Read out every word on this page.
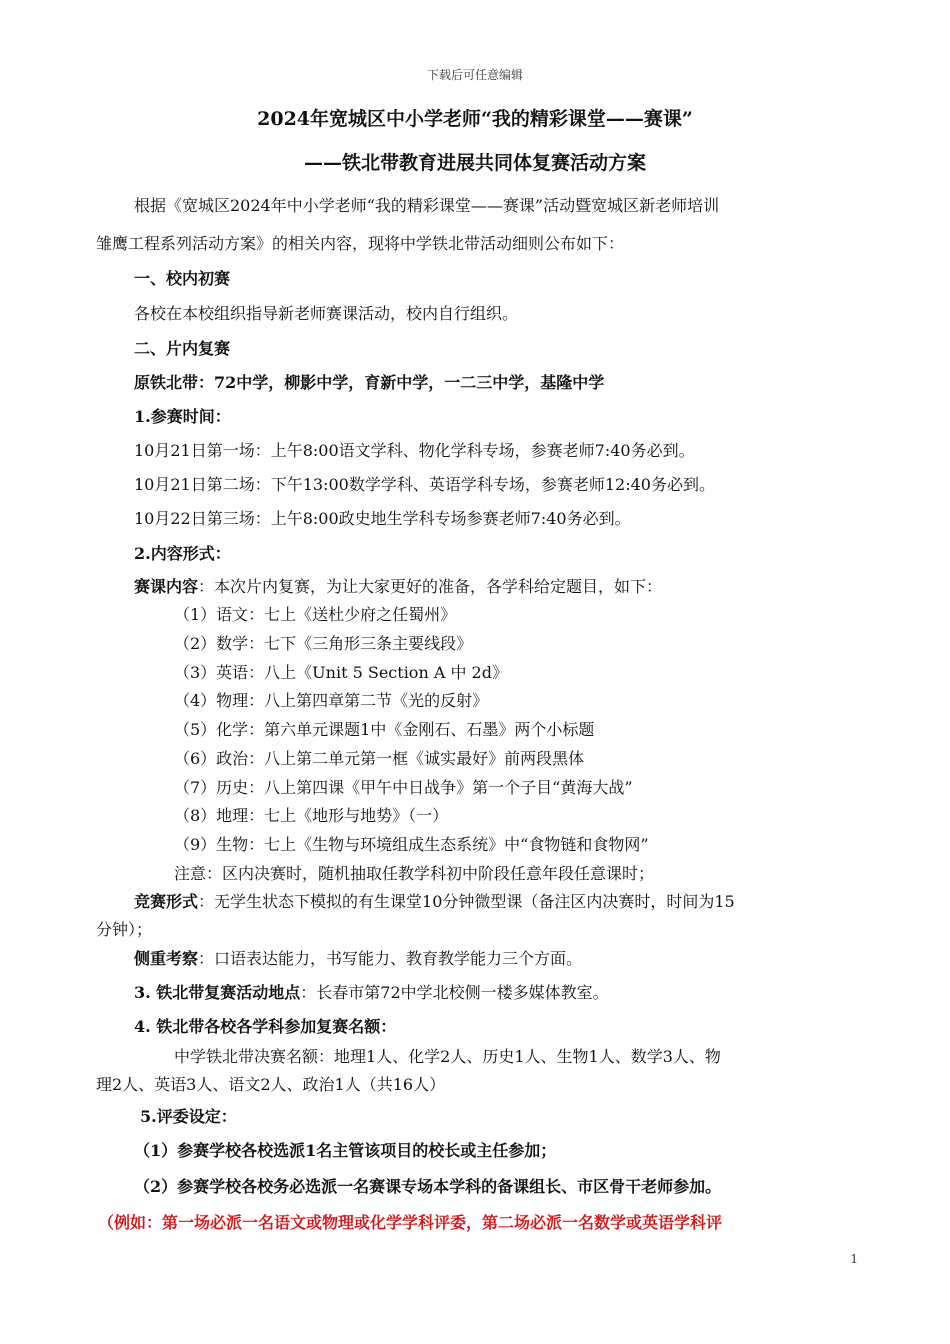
下载后可任意编辑
2024年宽城区中小学老师“我的精彩课堂——赛课”
——铁北带教育进展共同体复赛活动方案
根据《宽城区2024年中小学老师“我的精彩课堂——赛课”活动暨宽城区新老师培训
雏鹰工程系列活动方案》的相关内容，现将中学铁北带活动细则公布如下：
一、校内初赛
各校在本校组织指导新老师赛课活动，校内自行组织。
二、片内复赛
原铁北带：72中学，柳影中学，育新中学，一二三中学，基隆中学
1.参赛时间：
10月21日第一场：上午8:00语文学科、物化学科专场，参赛老师7:40务必到。
10月21日第二场：下午13:00数学学科、英语学科专场，参赛老师12:40务必到。
10月22日第三场：上午8:00政史地生学科专场参赛老师7:40务必到。
2.内容形式：
赛课内容：本次片内复赛，为让大家更好的准备，各学科给定题目，如下：
（1）语文：七上《送杜少府之任蜀州》
（2）数学：七下《三角形三条主要线段》
（3）英语：八上《Unit 5 Section A 中 2d》
（4）物理：八上第四章第二节《光的反射》
（5）化学：第六单元课题1中《金刚石、石墨》两个小标题
（6）政治：八上第二单元第一框《诚实最好》前两段黑体
（7）历史：八上第四课《甲午中日战争》第一个子目“黄海大战”
（8）地理：七上《地形与地势》（一）
（9）生物：七上《生物与环境组成生态系统》中“食物链和食物网”
注意：区内决赛时，随机抽取任教学科初中阶段任意年段任意课时；
竞赛形式：无学生状态下模拟的有生课堂10分钟微型课（备注区内决赛时，时间为15
分钟）；
侧重考察：口语表达能力，书写能力、教育教学能力三个方面。
3. 铁北带复赛活动地点：长春市第72中学北校侧一楼多媒体教室。
4. 铁北带各校各学科参加复赛名额：
中学铁北带决赛名额：地理1人、化学2人、历史1人、生物1人、数学3人、物
理2人、英语3人、语文2人、政治1人（共16人）
5.评委设定：
（1）参赛学校各校选派1名主管该项目的校长或主任参加；
（2）参赛学校各校务必选派一名赛课专场本学科的备课组长、市区骨干老师参加。
（例如：第一场必派一名语文或物理或化学学科评委，第二场必派一名数学或英语学科评
1
